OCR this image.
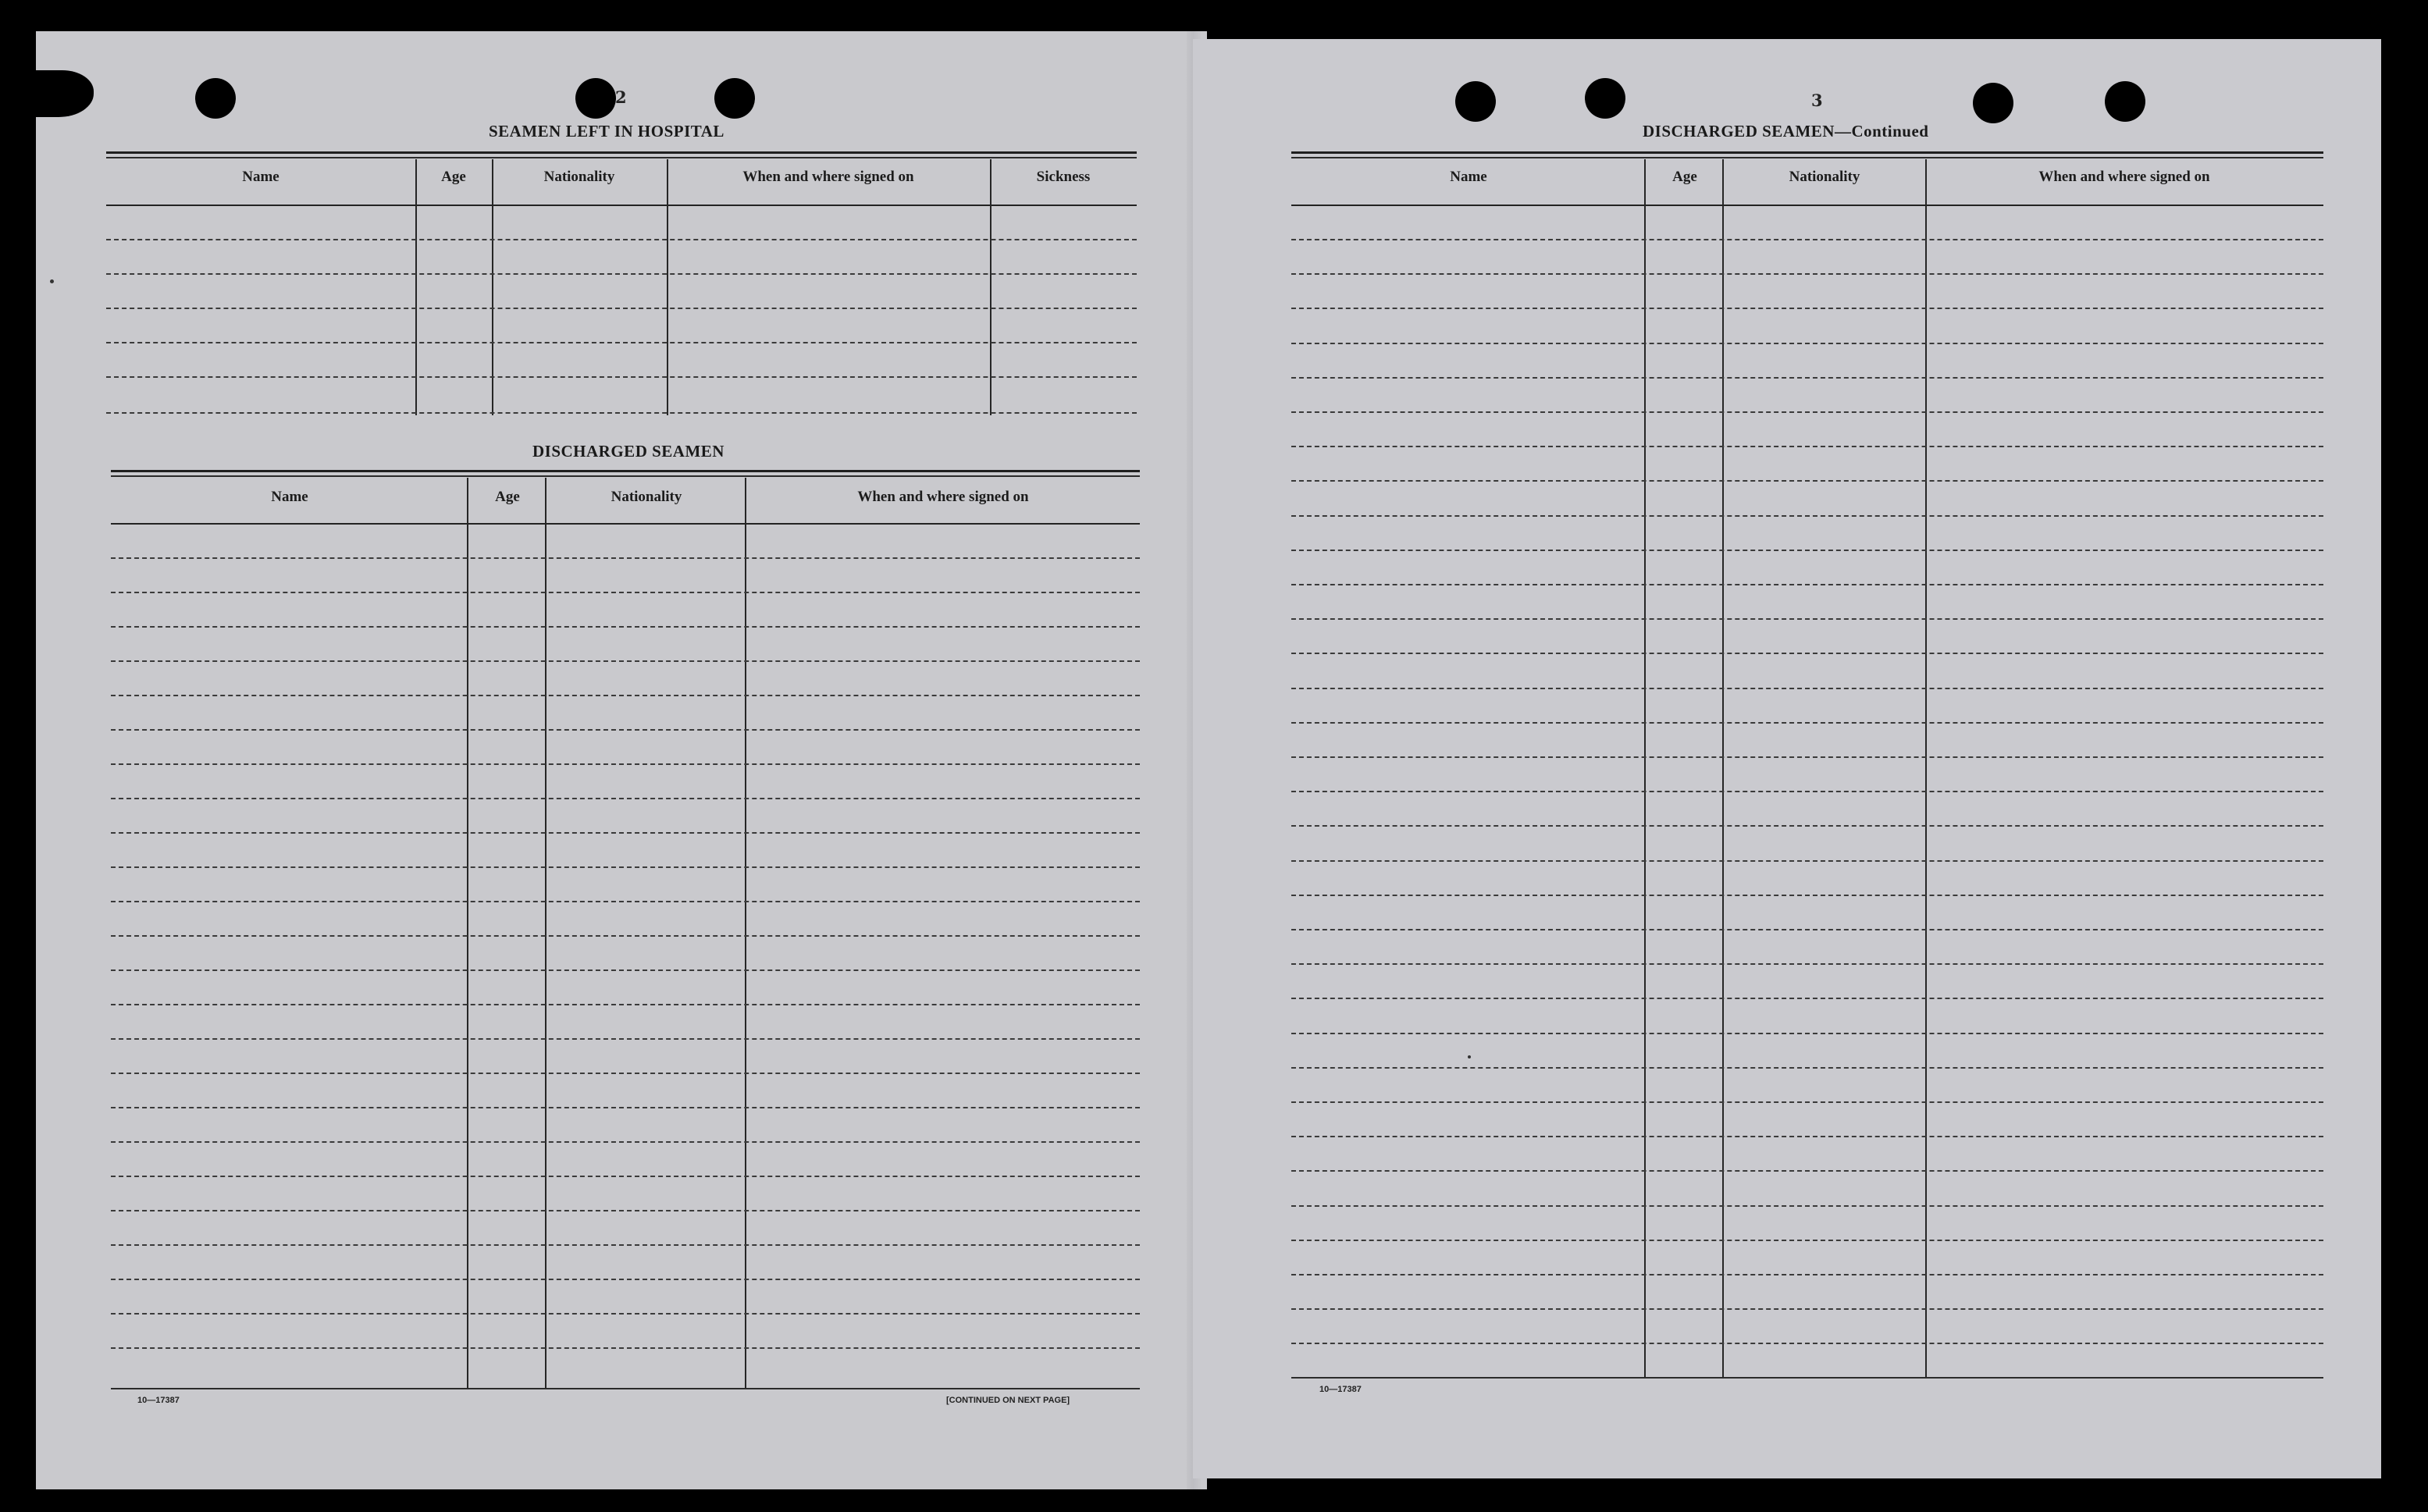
2	3
SEAMEN LEFT IN HOSPITAL
Name	Age	Nationality	When and where signed on	Sickness
DISCHARGED SEAMEN
Name	Age	Nationality	When and where signed on
10—17387	[CONTINUED ON NEXT PAGE]
DISCHARGED SEAMEN—Continued
Name	Age	Nationality	When and where signed on
10—17387
